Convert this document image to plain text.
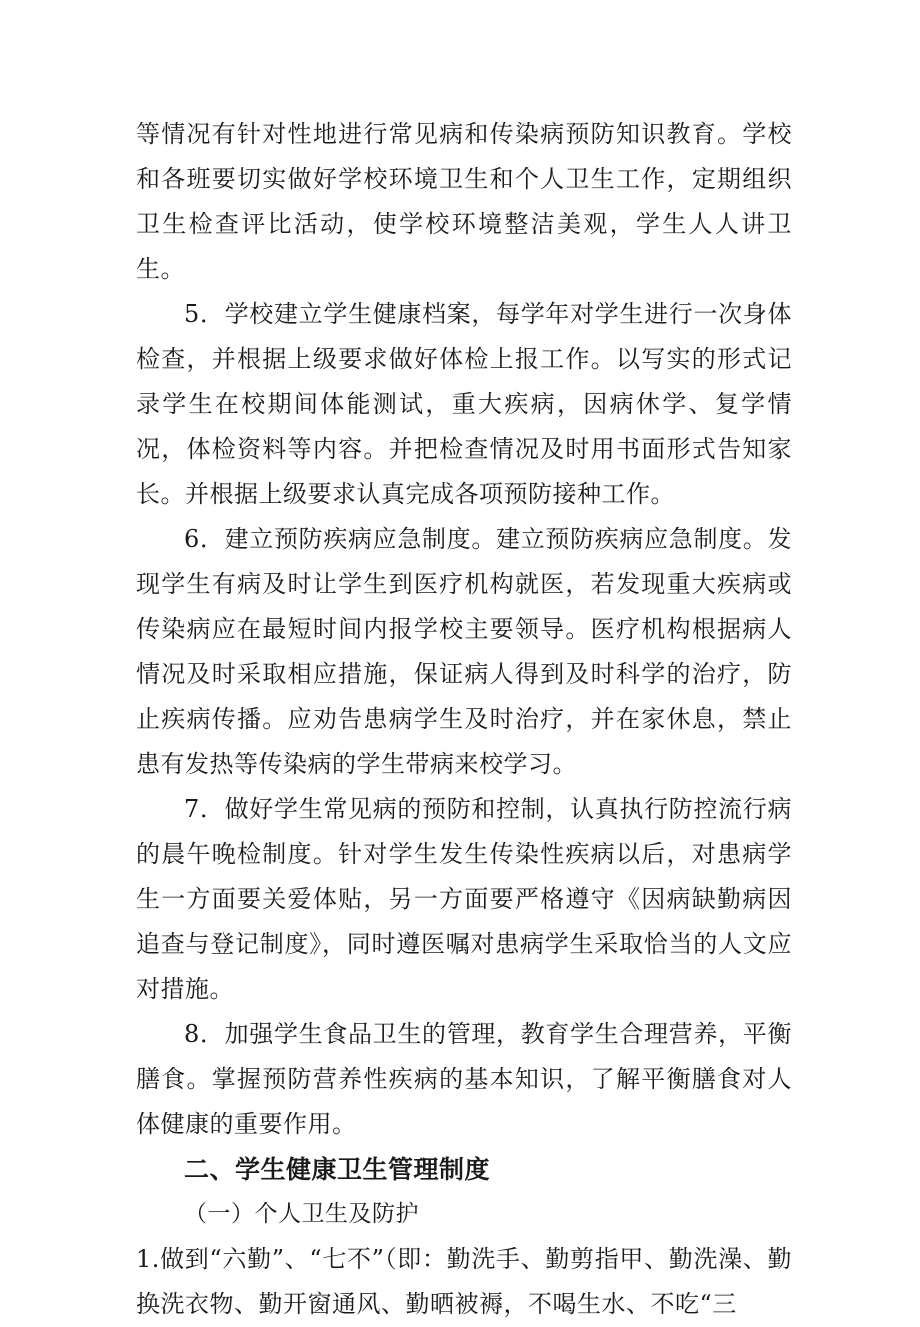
等情况有针对性地进行常见病和传染病预防知识教育。学校和各班要切实做好学校环境卫生和个人卫生工作，定期组织卫生检查评比活动，使学校环境整洁美观，学生人人讲卫生。

5．学校建立学生健康档案，每学年对学生进行一次身体检查，并根据上级要求做好体检上报工作。以写实的形式记录学生在校期间体能测试，重大疾病，因病休学、复学情况，体检资料等内容。并把检查情况及时用书面形式告知家长。并根据上级要求认真完成各项预防接种工作。

6．建立预防疾病应急制度。建立预防疾病应急制度。发现学生有病及时让学生到医疗机构就医，若发现重大疾病或传染病应在最短时间内报学校主要领导。医疗机构根据病人情况及时采取相应措施，保证病人得到及时科学的治疗，防止疾病传播。应劝告患病学生及时治疗，并在家休息，禁止患有发热等传染病的学生带病来校学习。

7．做好学生常见病的预防和控制，认真执行防控流行病的晨午晚检制度。针对学生发生传染性疾病以后，对患病学生一方面要关爱体贴，另一方面要严格遵守《因病缺勤病因追查与登记制度》，同时遵医嘱对患病学生采取恰当的人文应对措施。

8．加强学生食品卫生的管理，教育学生合理营养，平衡膳食。掌握预防营养性疾病的基本知识，了解平衡膳食对人体健康的重要作用。

二、学生健康卫生管理制度

（一）个人卫生及防护

1.做到“六勤”、“七不”（即：勤洗手、勤剪指甲、勤洗澡、勤换洗衣物、勤开窗通风、勤晒被褥，不喝生水、不吃“三
